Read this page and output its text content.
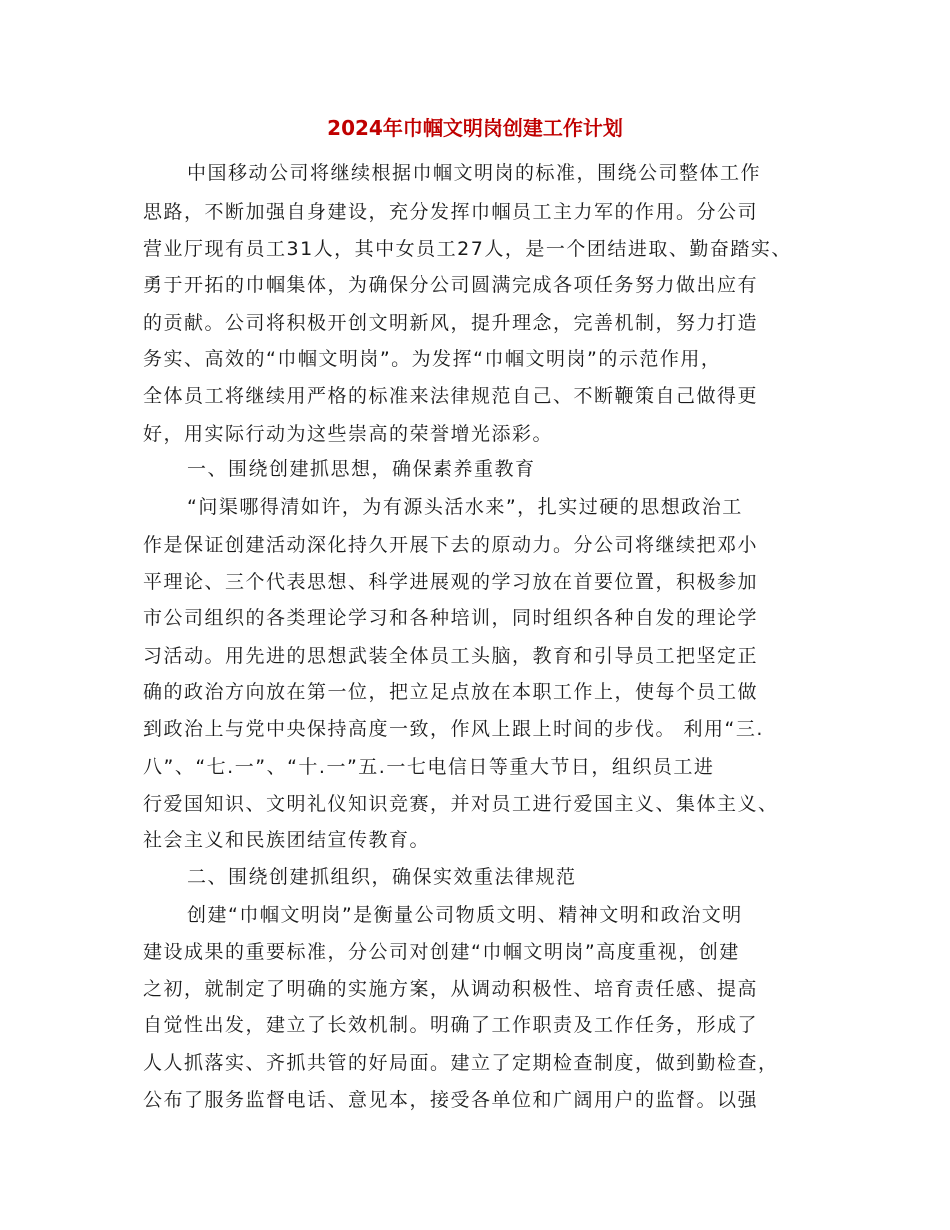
2024年巾帼文明岗创建工作计划
中国移动公司将继续根据巾帼文明岗的标准，围绕公司整体工作
思路，不断加强自身建设，充分发挥巾帼员工主力军的作用。分公司
营业厅现有员工31人，其中女员工27人，是一个团结进取、勤奋踏实、
勇于开拓的巾帼集体，为确保分公司圆满完成各项任务努力做出应有
的贡献。公司将积极开创文明新风，提升理念，完善机制，努力打造
务实、高效的“巾帼文明岗”。为发挥“巾帼文明岗”的示范作用，
全体员工将继续用严格的标准来法律规范自己、不断鞭策自己做得更
好，用实际行动为这些崇高的荣誉增光添彩。
一、围绕创建抓思想，确保素养重教育
“问渠哪得清如许，为有源头活水来”，扎实过硬的思想政治工
作是保证创建活动深化持久开展下去的原动力。分公司将继续把邓小
平理论、三个代表思想、科学进展观的学习放在首要位置，积极参加
市公司组织的各类理论学习和各种培训，同时组织各种自发的理论学
习活动。用先进的思想武装全体员工头脑，教育和引导员工把坚定正
确的政治方向放在第一位，把立足点放在本职工作上，使每个员工做
到政治上与党中央保持高度一致，作风上跟上时间的步伐。 利用“三.
八”、“七.一”、“十.一”五.一七电信日等重大节日，组织员工进
行爱国知识、文明礼仪知识竞赛，并对员工进行爱国主义、集体主义、
社会主义和民族团结宣传教育。
二、围绕创建抓组织，确保实效重法律规范
创建“巾帼文明岗”是衡量公司物质文明、精神文明和政治文明
建设成果的重要标准，分公司对创建“巾帼文明岗”高度重视，创建
之初，就制定了明确的实施方案，从调动积极性、培育责任感、提高
自觉性出发，建立了长效机制。明确了工作职责及工作任务，形成了
人人抓落实、齐抓共管的好局面。建立了定期检查制度，做到勤检查，
公布了服务监督电话、意见本，接受各单位和广阔用户的监督。以强
